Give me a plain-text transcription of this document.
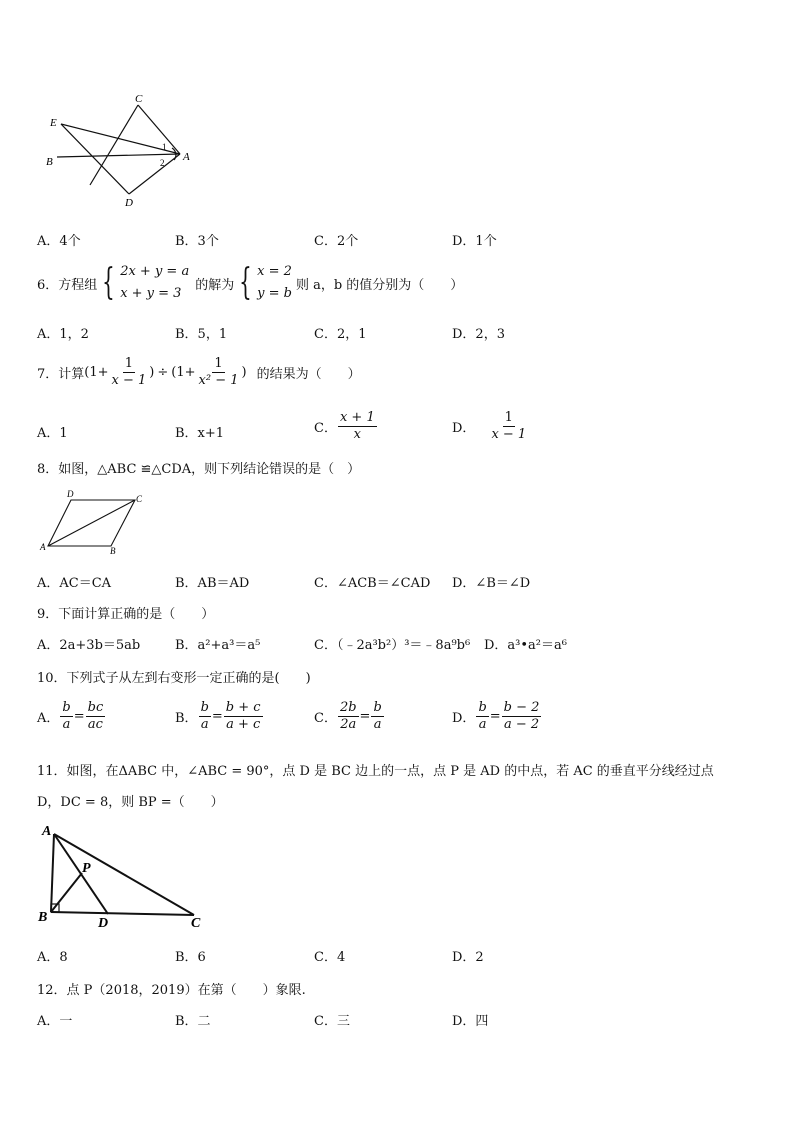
C
E
B	A
D
1
2
A．4个	B．3个	C．2个	D．1个
6．方程组 { 2x + y = a
x + y = 3
的解为 { x = 2
y = b
则 a，b 的值分别为（　　）
A．1，2	B．5，1	C．2，1	D．2，3
7．计算 ($1+ \frac{1}{x - 1}$ ) ÷ ($1+ \frac{1}{\text{x² − 1}}$ ) 的结果为（　　）
A．1	B．x+1	C． $\frac{x + 1}{x}$	D． $\frac{1}{x - 1}$
8．如图，△ABC ≌△CDA，则下列结论错误的是（　）
D	C
A	B
A．AC＝CA	B．AB＝AD	C．∠ACB＝∠CAD D．∠B＝∠D
9．下面计算正确的是（　　）
A．2a+3b＝5ab	B．a²+a³＝a⁵	C．（﹣2a³b²）³＝﹣8a⁹b⁶ D．a³•a²＝a⁶
10．下列式子从左到右变形一定正确的是(　　)
A． $\frac{b}{a} = \frac{bc}{ac}$	B． $\frac{b}{a} = \frac{b + c}{a + c}$	C． $\frac{2b}{2a} = \frac{b}{a}$	D． $\frac{b}{a} = \frac{b - 2}{a - 2}$
11．如图，在ΔABC 中，∠ABC = 90°，点 D 是 BC 边上的一点，点 P 是 AD 的中点，若 AC 的垂直平分线经过点
D，DC = 8，则 BP =（　　）
A
P
B	D	C
A．8	B．6	C．4	D．2
12．点 P（2018，2019）在第（　　）象限.
A．一	B．二	C．三	D．四
